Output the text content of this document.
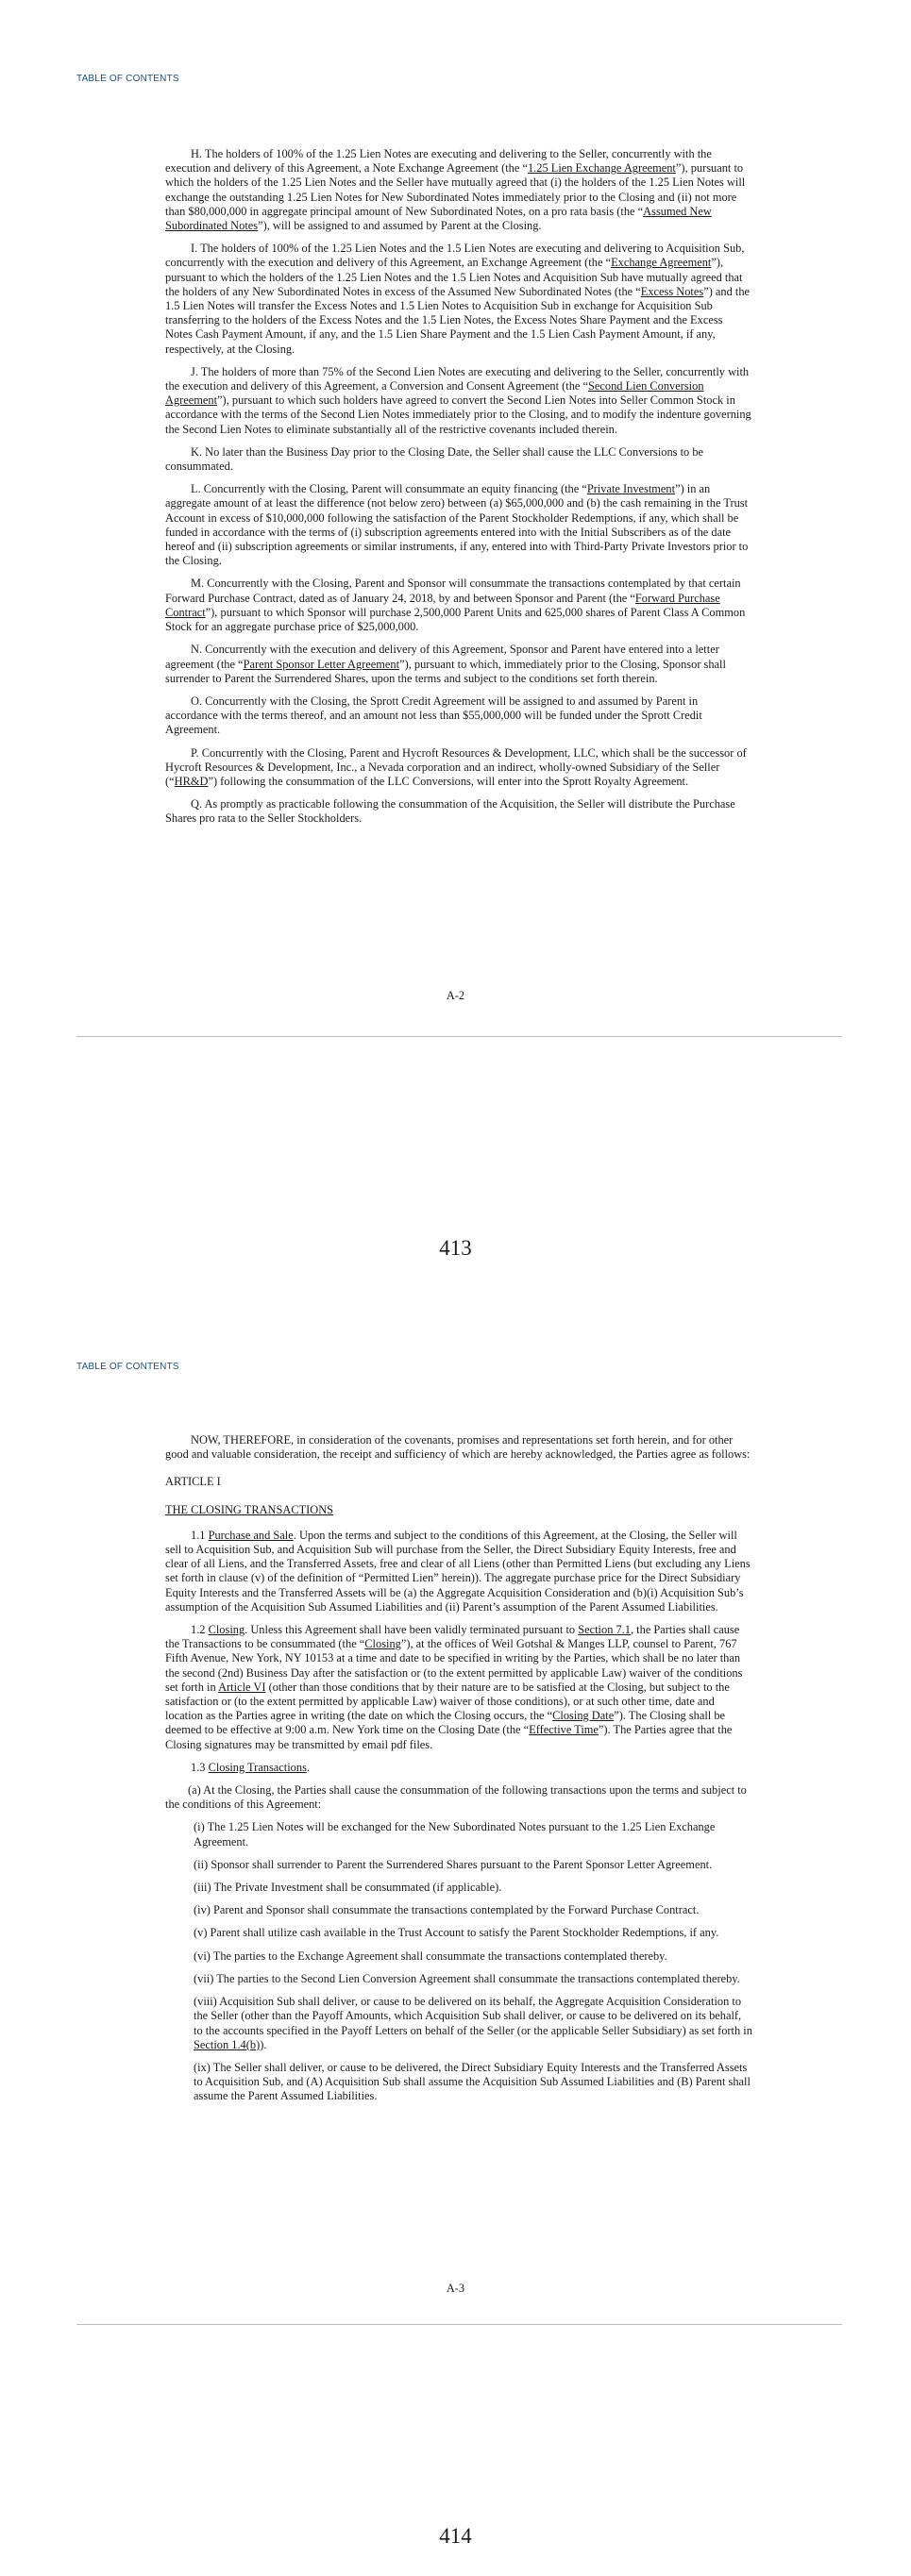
TABLE OF CONTENTS

H. The holders of 100% of the 1.25 Lien Notes are executing and delivering to the Seller, concurrently with the execution and delivery of this Agreement, a Note Exchange Agreement (the “1.25 Lien Exchange Agreement”), pursuant to which the holders of the 1.25 Lien Notes and the Seller have mutually agreed that (i) the holders of the 1.25 Lien Notes will exchange the outstanding 1.25 Lien Notes for New Subordinated Notes immediately prior to the Closing and (ii) not more than $80,000,000 in aggregate principal amount of New Subordinated Notes, on a pro rata basis (the “Assumed New Subordinated Notes”), will be assigned to and assumed by Parent at the Closing.

I. The holders of 100% of the 1.25 Lien Notes and the 1.5 Lien Notes are executing and delivering to Acquisition Sub, concurrently with the execution and delivery of this Agreement, an Exchange Agreement (the “Exchange Agreement”), pursuant to which the holders of the 1.25 Lien Notes and the 1.5 Lien Notes and Acquisition Sub have mutually agreed that the holders of any New Subordinated Notes in excess of the Assumed New Subordinated Notes (the “Excess Notes”) and the 1.5 Lien Notes will transfer the Excess Notes and 1.5 Lien Notes to Acquisition Sub in exchange for Acquisition Sub transferring to the holders of the Excess Notes and the 1.5 Lien Notes, the Excess Notes Share Payment and the Excess Notes Cash Payment Amount, if any, and the 1.5 Lien Share Payment and the 1.5 Lien Cash Payment Amount, if any, respectively, at the Closing.

J. The holders of more than 75% of the Second Lien Notes are executing and delivering to the Seller, concurrently with the execution and delivery of this Agreement, a Conversion and Consent Agreement (the “Second Lien Conversion Agreement”), pursuant to which such holders have agreed to convert the Second Lien Notes into Seller Common Stock in accordance with the terms of the Second Lien Notes immediately prior to the Closing, and to modify the indenture governing the Second Lien Notes to eliminate substantially all of the restrictive covenants included therein.

K. No later than the Business Day prior to the Closing Date, the Seller shall cause the LLC Conversions to be consummated.

L. Concurrently with the Closing, Parent will consummate an equity financing (the “Private Investment”) in an aggregate amount of at least the difference (not below zero) between (a) $65,000,000 and (b) the cash remaining in the Trust Account in excess of $10,000,000 following the satisfaction of the Parent Stockholder Redemptions, if any, which shall be funded in accordance with the terms of (i) subscription agreements entered into with the Initial Subscribers as of the date hereof and (ii) subscription agreements or similar instruments, if any, entered into with Third-Party Private Investors prior to the Closing.

M. Concurrently with the Closing, Parent and Sponsor will consummate the transactions contemplated by that certain Forward Purchase Contract, dated as of January 24, 2018, by and between Sponsor and Parent (the “Forward Purchase Contract”), pursuant to which Sponsor will purchase 2,500,000 Parent Units and 625,000 shares of Parent Class A Common Stock for an aggregate purchase price of $25,000,000.

N. Concurrently with the execution and delivery of this Agreement, Sponsor and Parent have entered into a letter agreement (the “Parent Sponsor Letter Agreement”), pursuant to which, immediately prior to the Closing, Sponsor shall surrender to Parent the Surrendered Shares, upon the terms and subject to the conditions set forth therein.

O. Concurrently with the Closing, the Sprott Credit Agreement will be assigned to and assumed by Parent in accordance with the terms thereof, and an amount not less than $55,000,000 will be funded under the Sprott Credit Agreement.

P. Concurrently with the Closing, Parent and Hycroft Resources & Development, LLC, which shall be the successor of Hycroft Resources & Development, Inc., a Nevada corporation and an indirect, wholly-owned Subsidiary of the Seller (“HR&D”) following the consummation of the LLC Conversions, will enter into the Sprott Royalty Agreement.

Q. As promptly as practicable following the consummation of the Acquisition, the Seller will distribute the Purchase Shares pro rata to the Seller Stockholders.

A-2
413
TABLE OF CONTENTS

NOW, THEREFORE, in consideration of the covenants, promises and representations set forth herein, and for other good and valuable consideration, the receipt and sufficiency of which are hereby acknowledged, the Parties agree as follows:

ARTICLE I

THE CLOSING TRANSACTIONS

1.1 Purchase and Sale. Upon the terms and subject to the conditions of this Agreement, at the Closing, the Seller will sell to Acquisition Sub, and Acquisition Sub will purchase from the Seller, the Direct Subsidiary Equity Interests, free and clear of all Liens, and the Transferred Assets, free and clear of all Liens (other than Permitted Liens (but excluding any Liens set forth in clause (v) of the definition of “Permitted Lien” herein)). The aggregate purchase price for the Direct Subsidiary Equity Interests and the Transferred Assets will be (a) the Aggregate Acquisition Consideration and (b)(i) Acquisition Sub’s assumption of the Acquisition Sub Assumed Liabilities and (ii) Parent’s assumption of the Parent Assumed Liabilities.

1.2 Closing. Unless this Agreement shall have been validly terminated pursuant to Section 7.1, the Parties shall cause the Transactions to be consummated (the “Closing”), at the offices of Weil Gotshal & Manges LLP, counsel to Parent, 767 Fifth Avenue, New York, NY 10153 at a time and date to be specified in writing by the Parties, which shall be no later than the second (2nd) Business Day after the satisfaction or (to the extent permitted by applicable Law) waiver of the conditions set forth in Article VI (other than those conditions that by their nature are to be satisfied at the Closing, but subject to the satisfaction or (to the extent permitted by applicable Law) waiver of those conditions), or at such other time, date and location as the Parties agree in writing (the date on which the Closing occurs, the “Closing Date”). The Closing shall be deemed to be effective at 9:00 a.m. New York time on the Closing Date (the “Effective Time”). The Parties agree that the Closing signatures may be transmitted by email pdf files.

1.3 Closing Transactions.

(a) At the Closing, the Parties shall cause the consummation of the following transactions upon the terms and subject to the conditions of this Agreement:

(i) The 1.25 Lien Notes will be exchanged for the New Subordinated Notes pursuant to the 1.25 Lien Exchange Agreement.

(ii) Sponsor shall surrender to Parent the Surrendered Shares pursuant to the Parent Sponsor Letter Agreement.

(iii) The Private Investment shall be consummated (if applicable).

(iv) Parent and Sponsor shall consummate the transactions contemplated by the Forward Purchase Contract.

(v) Parent shall utilize cash available in the Trust Account to satisfy the Parent Stockholder Redemptions, if any.

(vi) The parties to the Exchange Agreement shall consummate the transactions contemplated thereby.

(vii) The parties to the Second Lien Conversion Agreement shall consummate the transactions contemplated thereby.

(viii) Acquisition Sub shall deliver, or cause to be delivered on its behalf, the Aggregate Acquisition Consideration to the Seller (other than the Payoff Amounts, which Acquisition Sub shall deliver, or cause to be delivered on its behalf, to the accounts specified in the Payoff Letters on behalf of the Seller (or the applicable Seller Subsidiary) as set forth in Section 1.4(b)).

(ix) The Seller shall deliver, or cause to be delivered, the Direct Subsidiary Equity Interests and the Transferred Assets to Acquisition Sub, and (A) Acquisition Sub shall assume the Acquisition Sub Assumed Liabilities and (B) Parent shall assume the Parent Assumed Liabilities.

A-3
414
